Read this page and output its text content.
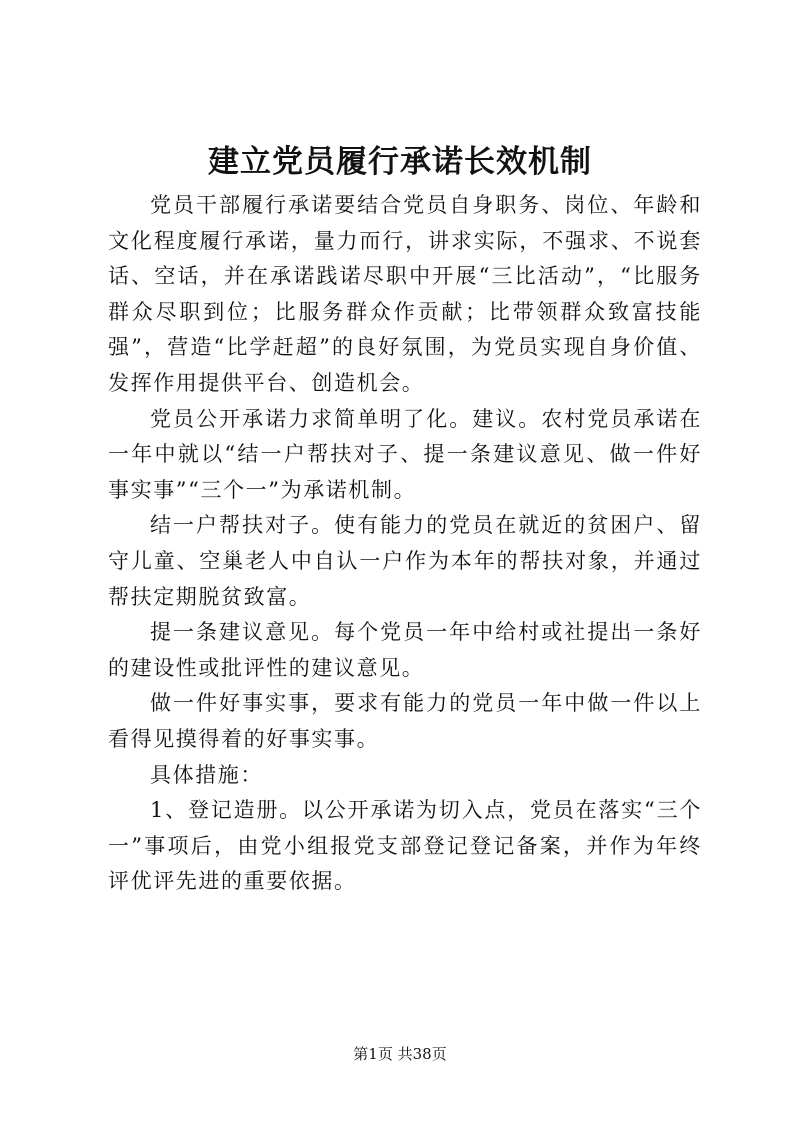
建立党员履行承诺长效机制

党员干部履行承诺要结合党员自身职务、岗位、年龄和文化程度履行承诺，量力而行，讲求实际，不强求、不说套话、空话，并在承诺践诺尽职中开展“三比活动”，“比服务群众尽职到位；比服务群众作贡献；比带领群众致富技能强”，营造“比学赶超”的良好氛围，为党员实现自身价值、发挥作用提供平台、创造机会。

党员公开承诺力求简单明了化。建议。农村党员承诺在一年中就以“结一户帮扶对子、提一条建议意见、做一件好事实事”“三个一”为承诺机制。

结一户帮扶对子。使有能力的党员在就近的贫困户、留守儿童、空巢老人中自认一户作为本年的帮扶对象，并通过帮扶定期脱贫致富。

提一条建议意见。每个党员一年中给村或社提出一条好的建设性或批评性的建议意见。

做一件好事实事，要求有能力的党员一年中做一件以上看得见摸得着的好事实事。

具体措施：

1、登记造册。以公开承诺为切入点，党员在落实“三个一”事项后，由党小组报党支部登记登记备案，并作为年终评优评先进的重要依据。

第1页 共38页
